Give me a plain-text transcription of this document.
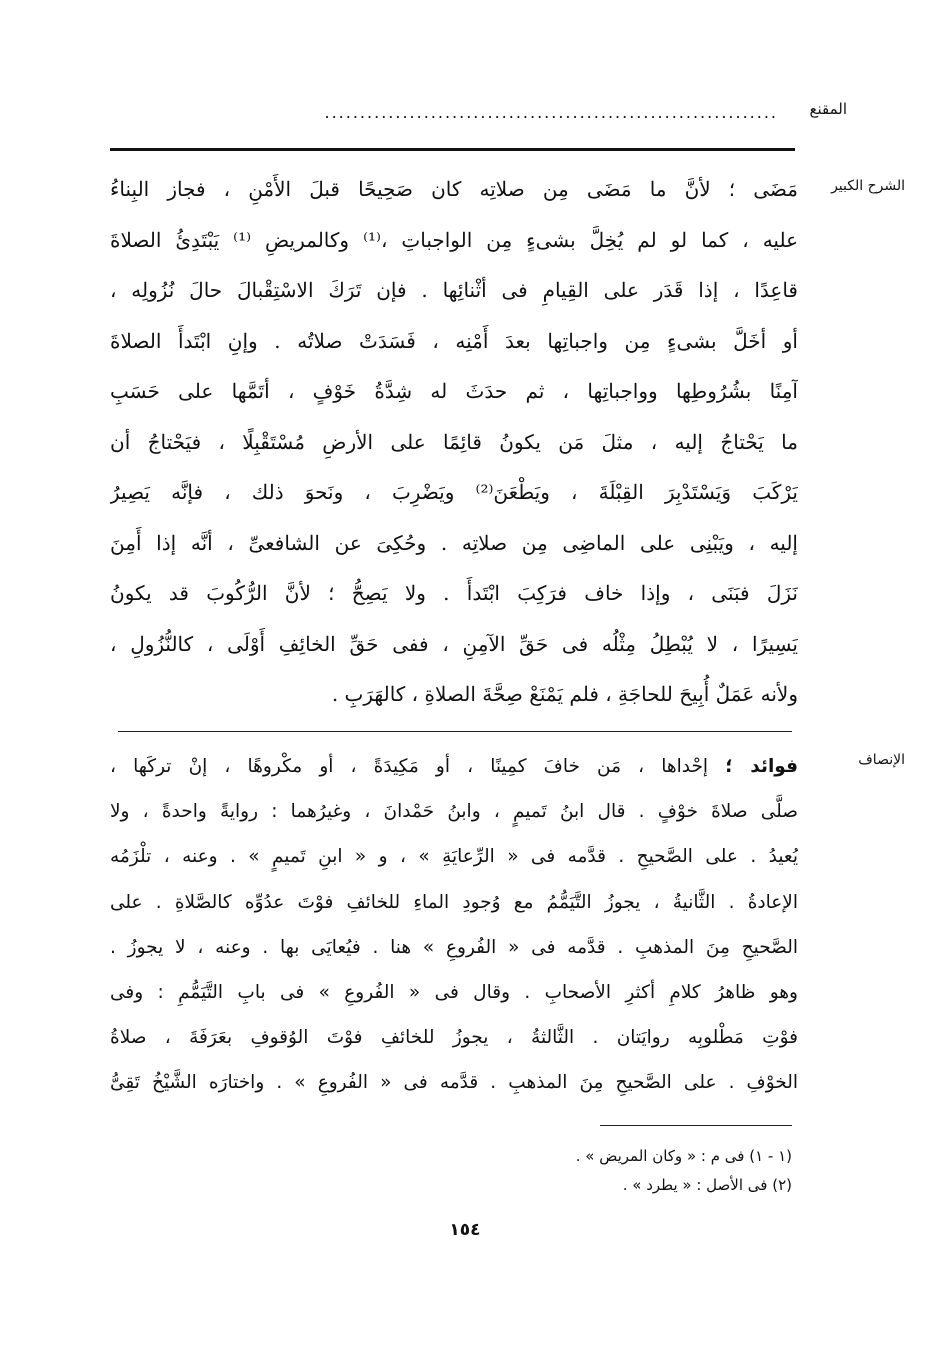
المقنع
................................................................
الشرح الكبير
مَضَى ؛ لأنَّ ما مَضَى مِن صلاتِه كان صَحِيحًا قبلَ الأَمْنِ ، فجاز البِناءُ
عليه ، كما لو لم يُخِلَّ بشىءٍ مِن الواجباتِ ،⁽¹⁾ وكالمريضِ ⁽¹⁾ يَبْتَدِئُ الصلاةَ
قاعِدًا ، إذا قَدَر على القِيامِ فى أثْنائِها . فإن تَرَكَ الاسْتِقْبالَ حالَ نُزُولِه ،
أو أخَلَّ بشىءٍ مِن واجباتِها بعدَ أَمْنِه ، فَسَدَتْ صلاتُه . وإنِ ابْتَدأَ الصلاةَ
آمِنًا بشُرُوطِها وواجباتِها ، ثم حدَثَ له شِدَّةُ خَوْفٍ ، أتَمَّها على حَسَبِ
ما يَحْتاجُ إليه ، مثلَ مَن يكونُ قائِمًا على الأرضِ مُسْتَقْبِلًا ، فيَحْتاجُ أن
يَرْكَبَ وَيَسْتَدْبِرَ القِبْلَةَ ، ويَطْعَنَ⁽²⁾ ويَضْرِبَ ، ونَحوَ ذلك ، فإنَّه يَصِيرُ
إليه ، ويَبْنِى على الماضِى مِن صلاتِه . وحُكِىَ عن الشافعىِّ ، أنَّه إذا أَمِنَ
نَزَلَ فبَنَى ، وإذا خاف فرَكِبَ ابْتَدأَ . ولا يَصِحُّ ؛ لأنَّ الرُّكُوبَ قد يكونُ
يَسِيرًا ، لا يُبْطِلُ مِثْلُه فى حَقِّ الآمِنِ ، ففى حَقِّ الخائِفِ أَوْلَى ، كالنُّزُولِ ،
ولأنه عَمَلٌ أُبِيحَ للحاجَةِ ، فلم يَمْنَعْ صِحَّةَ الصلاةِ ، كالهَرَبِ .
الإنصاف
فوائد ؛ إحْداها ، مَن خافَ كمِينًا ، أو مَكِيدَةً ، أو مكْروهًا ، إنْ تركَها ،
صلَّى صلاةَ خوْفٍ . قال ابنُ تَميمٍ ، وابنُ حَمْدانَ ، وغيرُهما : روايةً واحدةً ، ولا
يُعيدُ . على الصَّحيحِ . قدَّمه فى « الرِّعايَةِ » ، و « ابنِ تَميمٍ » . وعنه ، تلْزَمُه
الإعادةُ . الثَّانيةُ ، يجوزُ التَّيَمُّمُ مع وُجودِ الماءِ للخائفِ فوْتَ عدُوِّه كالصَّلاةِ . على
الصَّحيحِ مِنَ المذهبِ . قدَّمه فى « الفُروعِ » هنا . فيُعايَى بها . وعنه ، لا يجوزُ .
وهو ظاهرُ كلامِ أكثرِ الأصحابِ . وقال فى « الفُروعِ » فى بابِ التَّيَمُّمِ : وفى
فوْتِ مَطْلوبِه روايَتان . الثَّالثةُ ، يجوزُ للخائفِ فوْتَ الوُقوفِ بعَرَفَةَ ، صلاةُ
الخوْفِ . على الصَّحيحِ مِنَ المذهبِ . قدَّمه فى « الفُروعِ » . واختارَه الشَّيْخُ تَقِىُّ
(١ - ١) فى م : « وكان المريض » .
(٢) فى الأصل : « يطرد » .
١٥٤
